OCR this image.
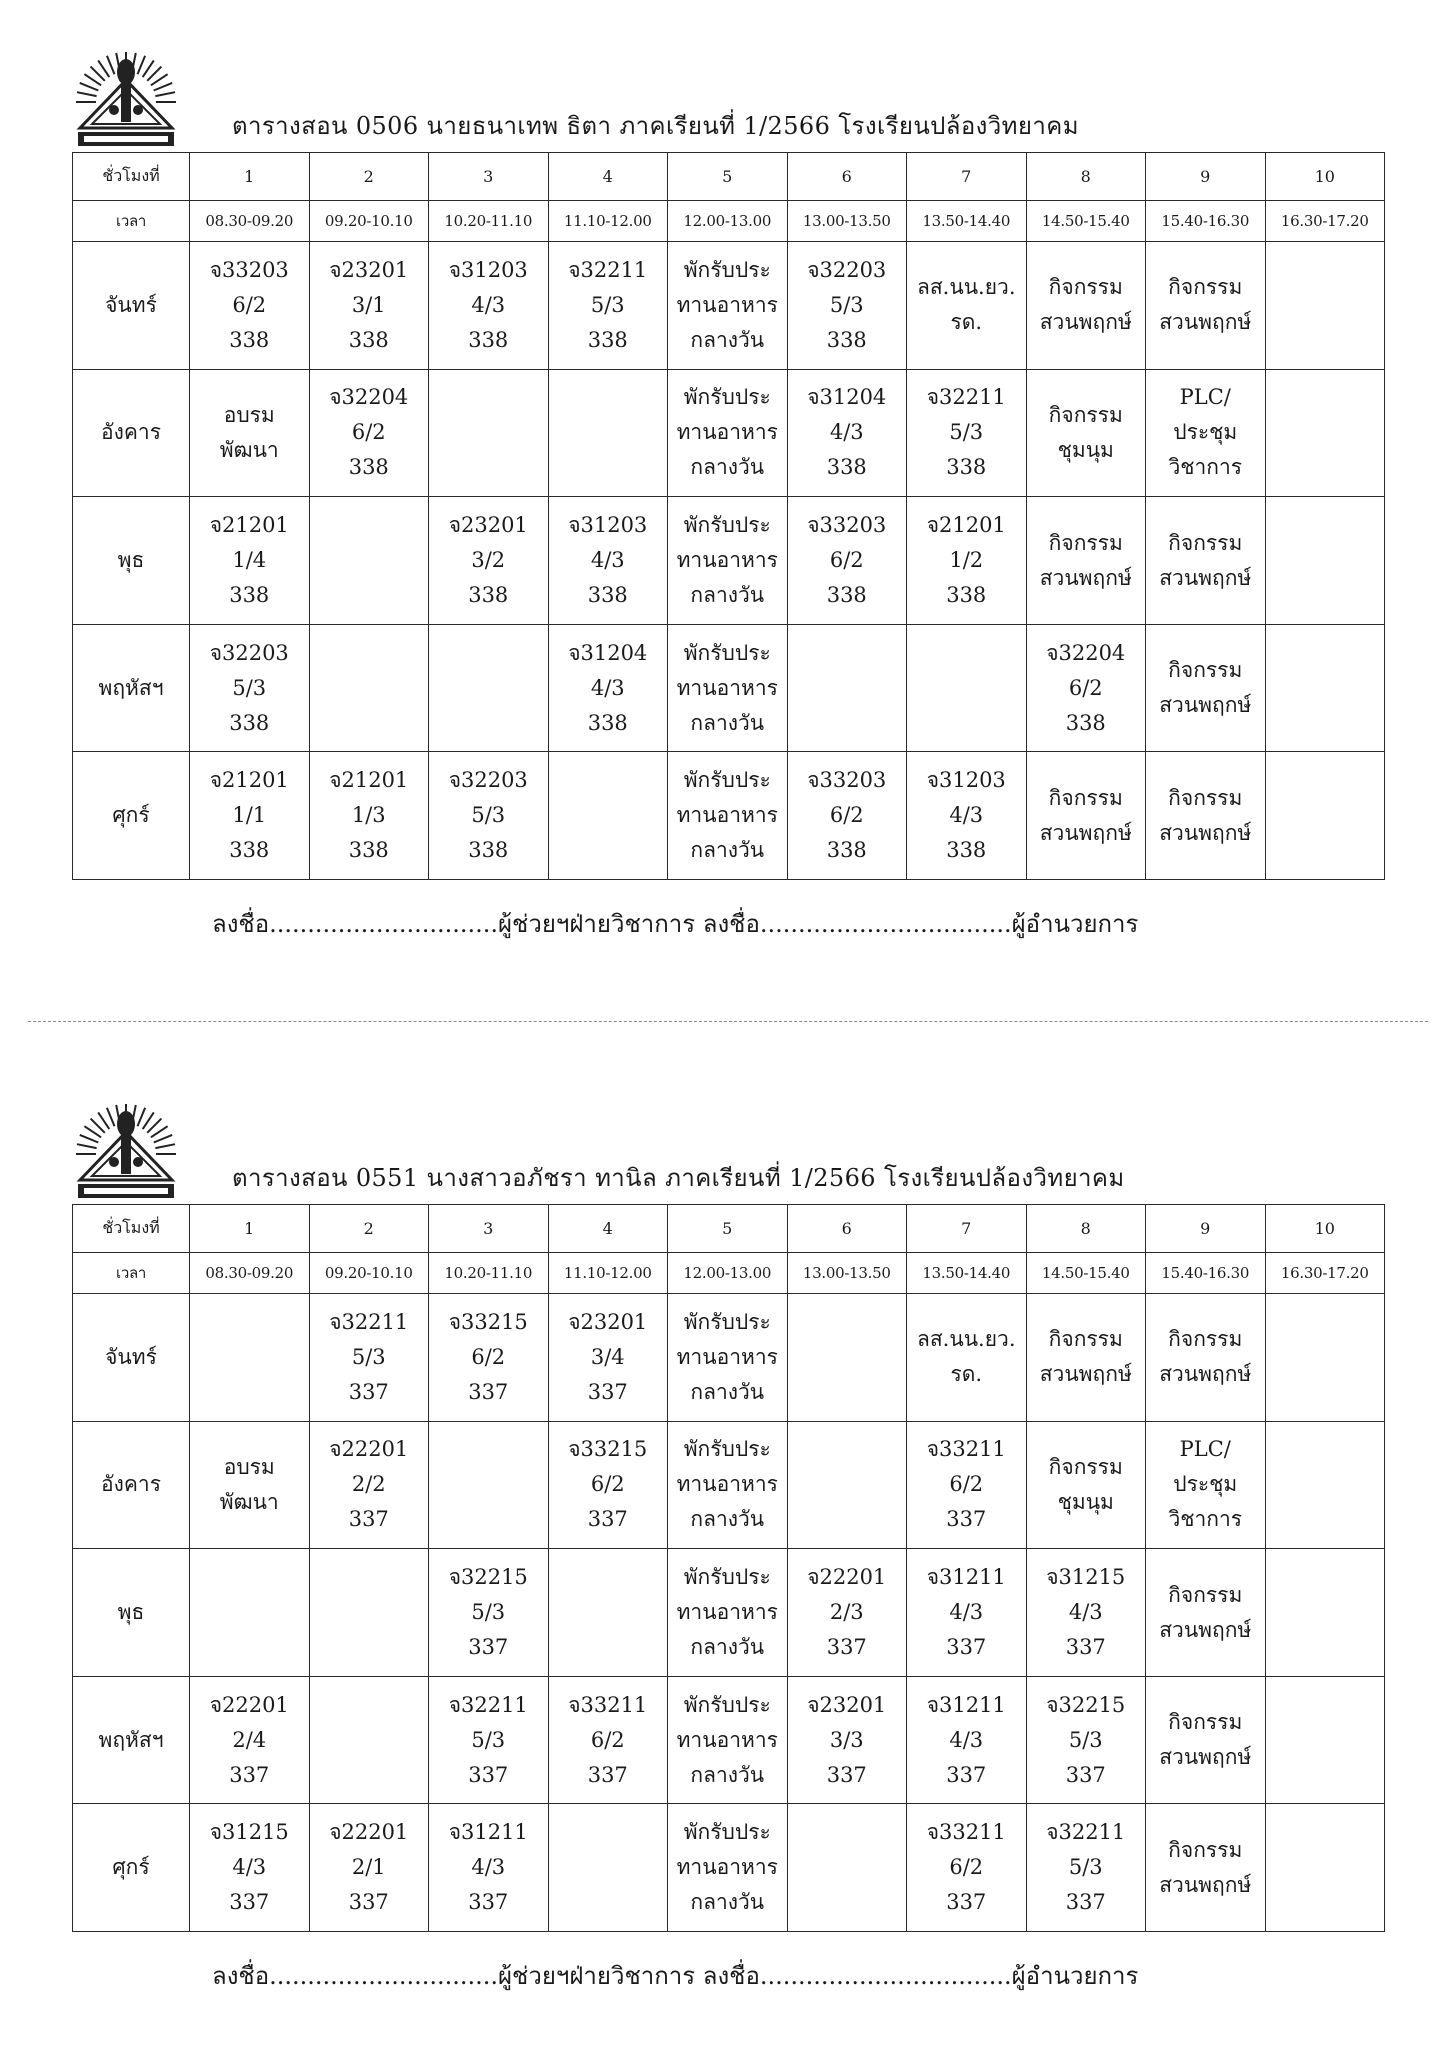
ตารางสอน 0506 นายธนาเทพ ธิตา ภาคเรียนที่ 1/2566 โรงเรียนปล้องวิทยาคม
ชั่วโมงที่	1	2	3	4	5	6	7	8	9	10
เวลา	08.30-09.20	09.20-10.10	10.20-11.10	11.10-12.00	12.00-13.00	13.00-13.50	13.50-14.40	14.50-15.40	15.40-16.30	16.30-17.20
จันทร์	จ33203
6/2
338	จ23201
3/1
338	จ31203
4/3
338	จ32211
5/3
338	พักรับประ
ทานอาหาร
กลางวัน	จ32203
5/3
338	ลส.นน.ยว.
รด.	กิจกรรม
สวนพฤกษ์	กิจกรรม
สวนพฤกษ์	

อังคาร	อบรม
พัฒนา	จ32204
6/2
338			พักรับประ
ทานอาหาร
กลางวัน	จ31204
4/3
338	จ32211
5/3
338	กิจกรรม
ชุมนุม	PLC/
ประชุม
วิชาการ	

พุธ	จ21201
1/4
338		จ23201
3/2
338	จ31203
4/3
338	พักรับประ
ทานอาหาร
กลางวัน	จ33203
6/2
338	จ21201
1/2
338	กิจกรรม
สวนพฤกษ์	กิจกรรม
สวนพฤกษ์	

พฤหัสฯ	จ32203
5/3
338			จ31204
4/3
338	พักรับประ
ทานอาหาร
กลางวัน			จ32204
6/2
338	กิจกรรม
สวนพฤกษ์	

ศุกร์	จ21201
1/1
338	จ21201
1/3
338	จ32203
5/3
338		พักรับประ
ทานอาหาร
กลางวัน	จ33203
6/2
338	จ31203
4/3
338	กิจกรรม
สวนพฤกษ์	กิจกรรม
สวนพฤกษ์	

ลงชื่อ..............................ผู้ช่วยฯฝ่ายวิชาการ ลงชื่อ.................................ผู้อำนวยการ
ตารางสอน 0551 นางสาวอภัชรา ทานิล ภาคเรียนที่ 1/2566 โรงเรียนปล้องวิทยาคม
ชั่วโมงที่	1	2	3	4	5	6	7	8	9	10
เวลา	08.30-09.20	09.20-10.10	10.20-11.10	11.10-12.00	12.00-13.00	13.00-13.50	13.50-14.40	14.50-15.40	15.40-16.30	16.30-17.20
จันทร์		จ32211
5/3
337	จ33215
6/2
337	จ23201
3/4
337	พักรับประ
ทานอาหาร
กลางวัน		ลส.นน.ยว.
รด.	กิจกรรม
สวนพฤกษ์	กิจกรรม
สวนพฤกษ์	

อังคาร	อบรม
พัฒนา	จ22201
2/2
337		จ33215
6/2
337	พักรับประ
ทานอาหาร
กลางวัน		จ33211
6/2
337	กิจกรรม
ชุมนุม	PLC/
ประชุม
วิชาการ	

พุธ			จ32215
5/3
337		พักรับประ
ทานอาหาร
กลางวัน	จ22201
2/3
337	จ31211
4/3
337	จ31215
4/3
337	กิจกรรม
สวนพฤกษ์	

พฤหัสฯ	จ22201
2/4
337		จ32211
5/3
337	จ33211
6/2
337	พักรับประ
ทานอาหาร
กลางวัน	จ23201
3/3
337	จ31211
4/3
337	จ32215
5/3
337	กิจกรรม
สวนพฤกษ์	

ศุกร์	จ31215
4/3
337	จ22201
2/1
337	จ31211
4/3
337		พักรับประ
ทานอาหาร
กลางวัน		จ33211
6/2
337	จ32211
5/3
337	กิจกรรม
สวนพฤกษ์	

ลงชื่อ..............................ผู้ช่วยฯฝ่ายวิชาการ ลงชื่อ.................................ผู้อำนวยการ
